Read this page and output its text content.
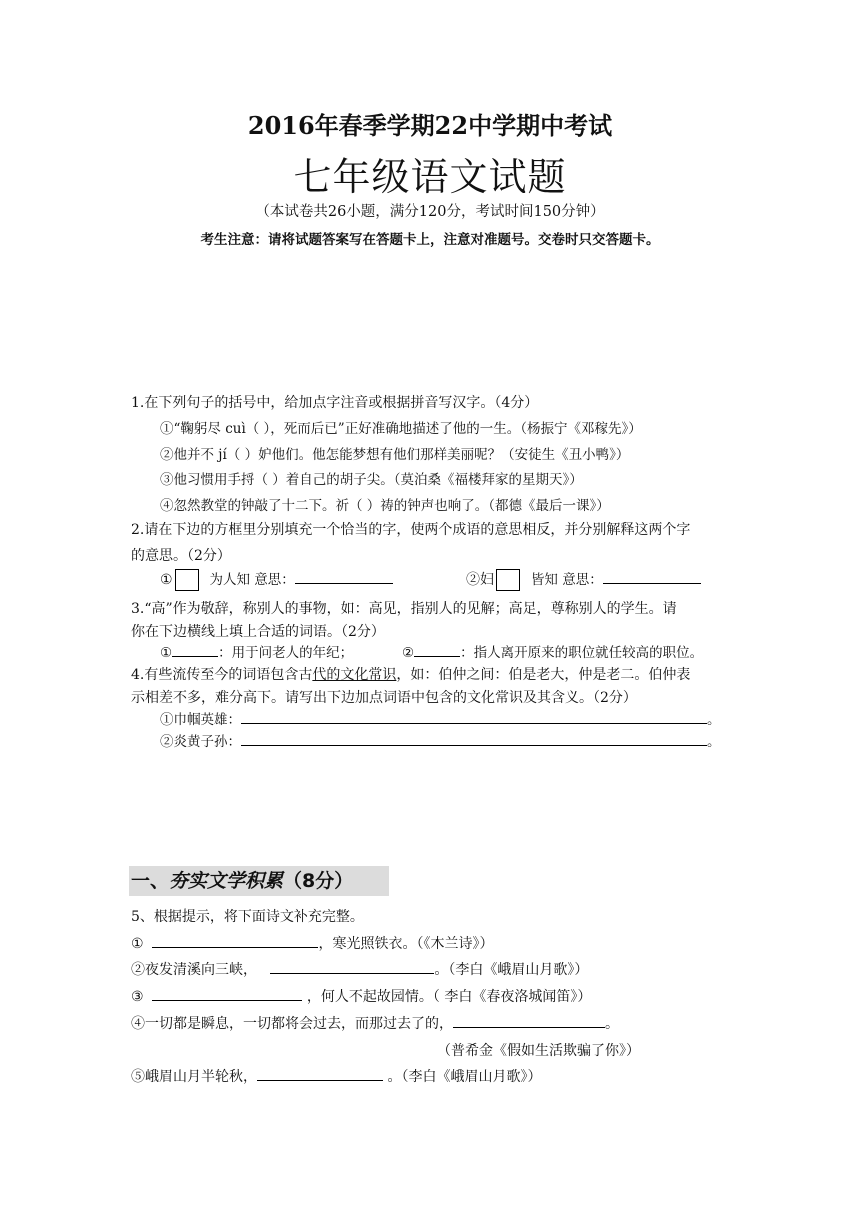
2016年春季学期22中学期中考试
七年级语文试题
（本试卷共26小题，满分120分，考试时间150分钟）
考生注意：请将试题答案写在答题卡上，注意对准题号。交卷时只交答题卡。
1.在下列句子的括号中，给加点字注音或根据拼音写汉字。（4分）
①“鞠躬尽 cuì（ ），死而后已”正好准确地描述了他的一生。（杨振宁《邓稼先》）
②他并不 jí（ ）妒他们。他怎能梦想有他们那样美丽呢？（安徒生《丑小鸭》）
③他习惯用手捋（ ）着自己的胡子尖。（莫泊桑《福楼拜家的星期天》）
④忽然教堂的钟敲了十二下。祈（ ）祷的钟声也响了。（都德《最后一课》）
2.请在下边的方框里分别填充一个恰当的字，使两个成语的意思相反，并分别解释这两个字
的意思。（2分）
①	为人知 意思：	②妇	皆知 意思：
3.“高”作为敬辞，称别人的事物，如：高见，指别人的见解；高足，尊称别人的学生。请
你在下边横线上填上合适的词语。（2分）
①	：用于问老人的年纪；	②	：指人离开原来的职位就任较高的职位。
4.有些流传至今的词语包含古代的文化常识，如：伯仲之间：伯是老大，仲是老二。伯仲表
示相差不多，难分高下。请写出下边加点词语中包含的文化常识及其含义。（2分）
①巾帼英雄：	。
②炎黄子孙：	。
一、夯实文学积累（8分）
5、根据提示，将下面诗文补充完整。
①	，寒光照铁衣。（《木兰诗》）
②夜发清溪向三峡，	。（李白《峨眉山月歌》）
③	，何人不起故园情。（ 李白《春夜洛城闻笛》）
④一切都是瞬息，一切都将会过去，而那过去了的，	。
（普希金《假如生活欺骗了你》）
⑤峨眉山月半轮秋，	。（李白《峨眉山月歌》）
